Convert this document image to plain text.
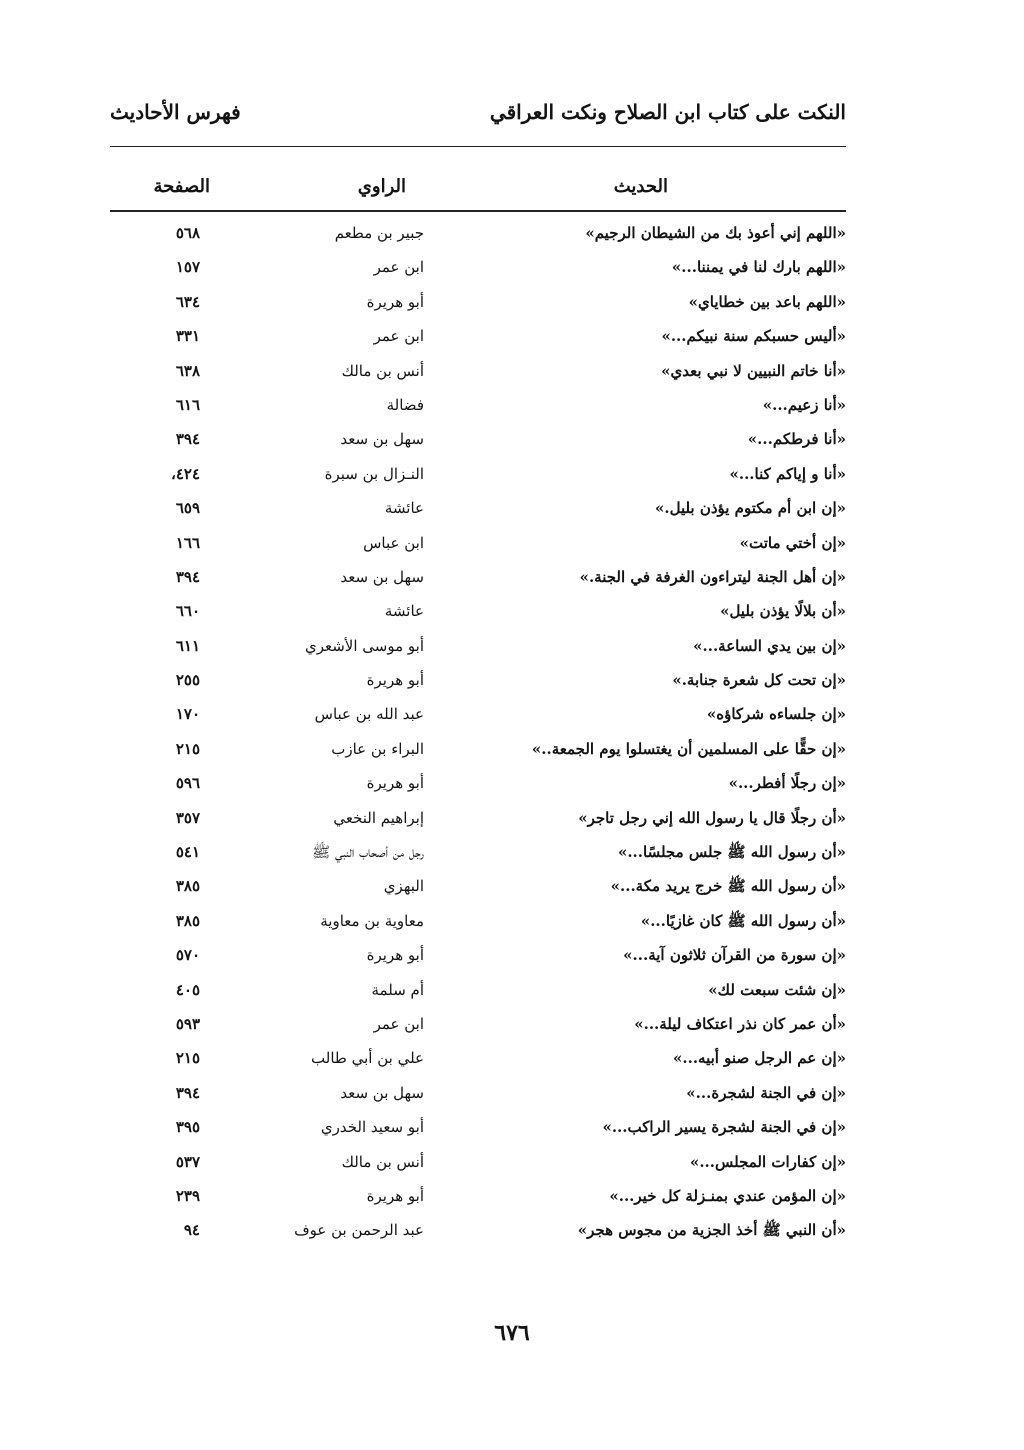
النكت على كتاب ابن الصلاح ونكت العراقي
فهرس الأحاديث
الحديث
الراوي
الصفحة
«اللهم إني أعوذ بك من الشيطان الرجيم»
جبير بن مطعم
٥٦٨
«اللهم بارك لنا في يمننا...»
ابن عمر
١٥٧
«اللهم باعد بين خطاياي»
أبو هريرة
٦٣٤
«أليس حسبكم سنة نبيكم...»
ابن عمر
٣٣١
«أنا خاتم النبيين لا نبي بعدي»
أنس بن مالك
٦٣٨
«أنا زعيم...»
فضالة
٦١٦
«أنا فرطكم...»
سهل بن سعد
٣٩٤
«أنا و إياكم كنا...»
النـزال بن سبرة
٤٢٤،
«إن ابن أم مكتوم يؤذن بليل.»
عائشة
٦٥٩
«إن أختي ماتت»
ابن عباس
١٦٦
«إن أهل الجنة ليتراءون الغرفة في الجنة.»
سهل بن سعد
٣٩٤
«أن بلالًا يؤذن بليل»
عائشة
٦٦٠
«إن بين يدي الساعة...»
أبو موسى الأشعري
٦١١
«إن تحت كل شعرة جنابة.»
أبو هريرة
٢٥٥
«إن جلساءه شركاؤه»
عبد الله بن عباس
١٧٠
«إن حقًّا على المسلمين أن يغتسلوا يوم الجمعة..»
البراء بن عازب
٢١٥
«إن رجلًا أفطر...»
أبو هريرة
٥٩٦
«أن رجلًا قال يا رسول الله إني رجل تاجر»
إبراهيم النخعي
٣٥٧
«أن رسول الله ﷺ جلس مجلسًا...»
رجل من أصحاب النبي ﷺ
٥٤١
«أن رسول الله ﷺ خرج يريد مكة...»
البهزي
٣٨٥
«أن رسول الله ﷺ كان غازيًا...»
معاوية بن معاوية
٣٨٥
«إن سورة من القرآن ثلاثون آية...»
أبو هريرة
٥٧٠
«إن شئت سبعت لك»
أم سلمة
٤٠٥
«أن عمر كان نذر اعتكاف ليلة...»
ابن عمر
٥٩٣
«إن عم الرجل صنو أبيه...»
علي بن أبي طالب
٢١٥
«إن في الجنة لشجرة...»
سهل بن سعد
٣٩٤
«إن في الجنة لشجرة يسير الراكب...»
أبو سعيد الخدري
٣٩٥
«إن كفارات المجلس...»
أنس بن مالك
٥٣٧
«إن المؤمن عندي بمنـزلة كل خير...»
أبو هريرة
٢٣٩
«أن النبي ﷺ أخذ الجزية من مجوس هجر»
عبد الرحمن بن عوف
٩٤
٦٧٦
